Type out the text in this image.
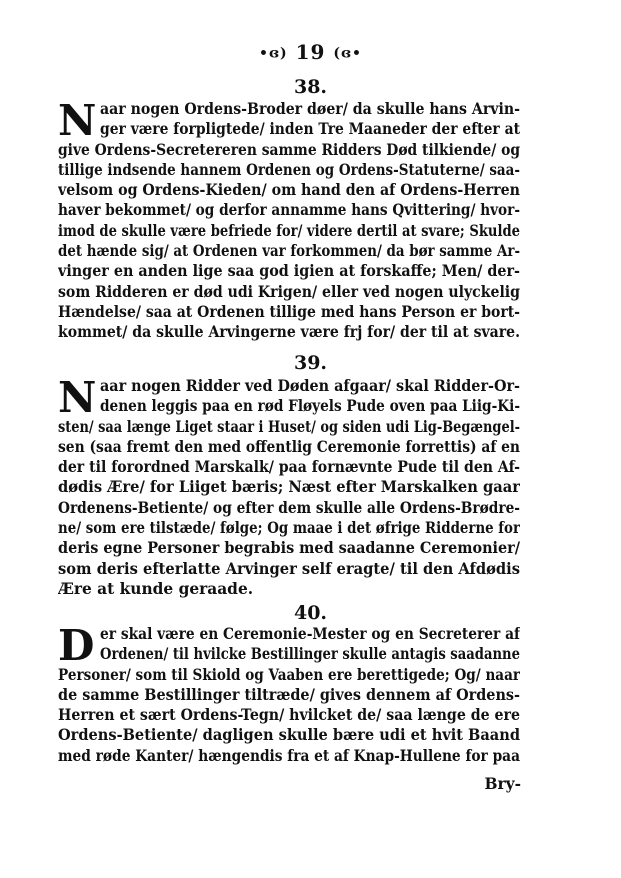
•ɞ) 19 (ɞ•
38.
N aar nogen Ordens-Broder døer/ da skulle hans Arvin-
ger være forpligtede/ inden Tre Maaneder der efter at
give Ordens-Secretereren samme Ridders Død tilkiende/ og
tillige indsende hannem Ordenen og Ordens-Statuterne/ saa-
velsom og Ordens-Kieden/ om hand den af Ordens-Herren
haver bekommet/ og derfor annamme hans Qvittering/ hvor-
imod de skulle være befriede for/ videre dertil at svare; Skulde
det hænde sig/ at Ordenen var forkommen/ da bør samme Ar-
vinger en anden lige saa god igien at forskaffe; Men/ der-
som Ridderen er død udi Krigen/ eller ved nogen ulyckelig
Hændelse/ saa at Ordenen tillige med hans Person er bort-
kommet/ da skulle Arvingerne være frj for/ der til at svare.
39.
N aar nogen Ridder ved Døden afgaar/ skal Ridder-Or-
denen leggis paa en rød Fløyels Pude oven paa Liig-Ki-
sten/ saa længe Liget staar i Huset/ og siden udi Lig-Begængel-
sen (saa fremt den med offentlig Ceremonie forrettis) af en
der til forordned Marskalk/ paa fornævnte Pude til den Af-
dødis Ære/ for Liiget bæris; Næst efter Marskalken gaar
Ordenens-Betiente/ og efter dem skulle alle Ordens-Brødre-
ne/ som ere tilstæde/ følge; Og maae i det øfrige Ridderne for
deris egne Personer begrabis med saadanne Ceremonier/
som deris efterlatte Arvinger self eragte/ til den Afdødis
Ære at kunde geraade.
40.
D er skal være en Ceremonie-Mester og en Secreterer af
Ordenen/ til hvilcke Bestillinger skulle antagis saadanne
Personer/ som til Skiold og Vaaben ere berettigede; Og/ naar
de samme Bestillinger tiltræde/ gives dennem af Ordens-
Herren et sært Ordens-Tegn/ hvilcket de/ saa længe de ere
Ordens-Betiente/ dagligen skulle bære udi et hvit Baand
med røde Kanter/ hængendis fra et af Knap-Hullene for paa
Bry-
